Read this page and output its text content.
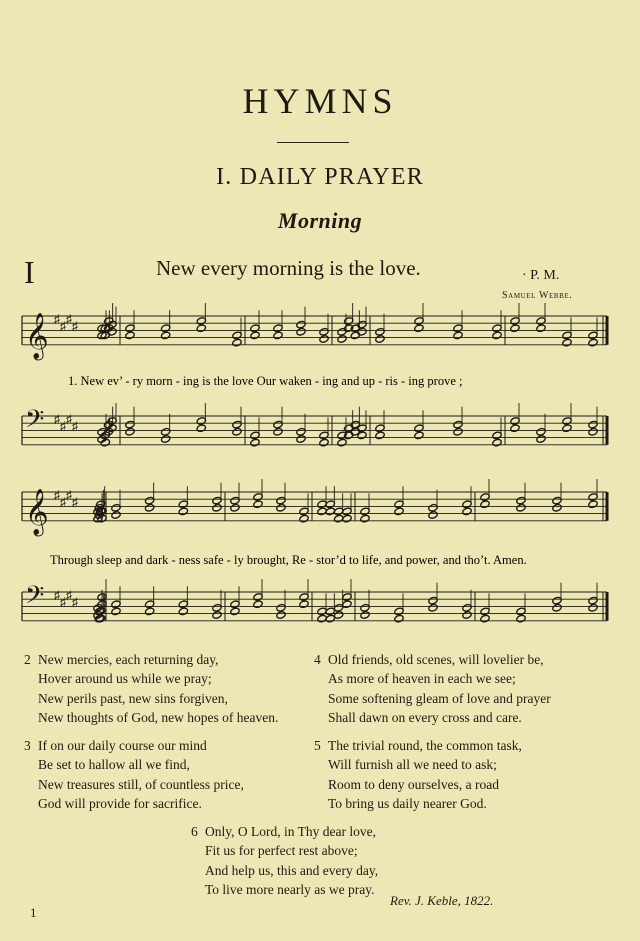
HYMNS
I. DAILY PRAYER
Morning
I	New every morning is the love.	· P. M.
Samuel Webbe.
𝄞 ♯ ♯ ♯ ♯
𝄢 ♯ ♯ ♯ ♯
1. New ev’ - ry morn - ing is the love Our waken - ing and up - ris - ing prove ;
𝄞 ♯ ♯ ♯ ♯
𝄢 ♯ ♯ ♯ ♯
Through sleep and dark - ness safe - ly brought, Re - stor’d to life, and power, and tho’t. Amen.
2 New mercies, each returning day,
Hover around us while we pray;
New perils past, new sins forgiven,
New thoughts of God, new hopes of heaven.
4 Old friends, old scenes, will lovelier be,
As more of heaven in each we see;
Some softening gleam of love and prayer
Shall dawn on every cross and care.
3 If on our daily course our mind
Be set to hallow all we find,
New treasures still, of countless price,
God will provide for sacrifice.
5 The trivial round, the common task,
Will furnish all we need to ask;
Room to deny ourselves, a road
To bring us daily nearer God.
6 Only, O Lord, in Thy dear love,
Fit us for perfect rest above;
And help us, this and every day,
To live more nearly as we pray.
Rev. J. Keble, 1822.
1
